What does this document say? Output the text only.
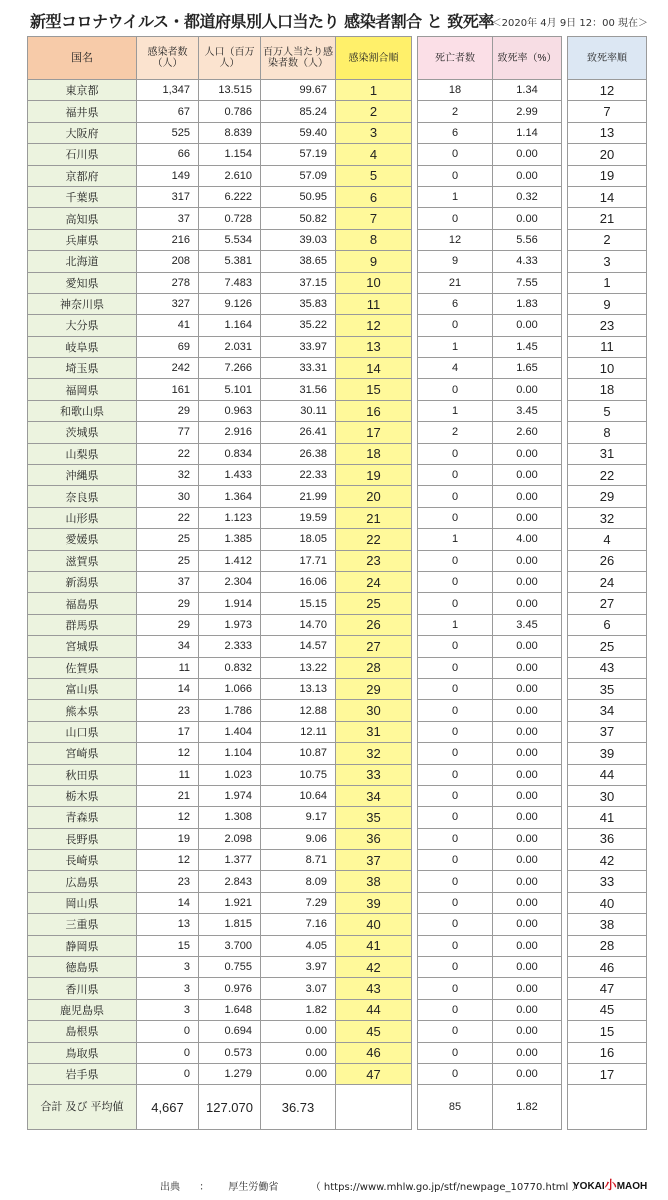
新型コロナウイルス・都道府県別人口当たり 感染者割合 と 致死率
＜2020年 4月 9日 12：00 現在＞
国名	感染者数（人）	人口（百万人）	百万人当たり感染者数（人）	感染割合順		死亡者数	致死率（%）		致死率順
東京都	1,347	13.515	99.67	1		18	1.34		12
福井県	67	0.786	85.24	2		2	2.99		7
大阪府	525	8.839	59.40	3		6	1.14		13
石川県	66	1.154	57.19	4		0	0.00		20
京都府	149	2.610	57.09	5		0	0.00		19
千葉県	317	6.222	50.95	6		1	0.32		14
高知県	37	0.728	50.82	7		0	0.00		21
兵庫県	216	5.534	39.03	8		12	5.56		2
北海道	208	5.381	38.65	9		9	4.33		3
愛知県	278	7.483	37.15	10		21	7.55		1
神奈川県	327	9.126	35.83	11		6	1.83		9
大分県	41	1.164	35.22	12		0	0.00		23
岐阜県	69	2.031	33.97	13		1	1.45		11
埼玉県	242	7.266	33.31	14		4	1.65		10
福岡県	161	5.101	31.56	15		0	0.00		18
和歌山県	29	0.963	30.11	16		1	3.45		5
茨城県	77	2.916	26.41	17		2	2.60		8
山梨県	22	0.834	26.38	18		0	0.00		31
沖縄県	32	1.433	22.33	19		0	0.00		22
奈良県	30	1.364	21.99	20		0	0.00		29
山形県	22	1.123	19.59	21		0	0.00		32
愛媛県	25	1.385	18.05	22		1	4.00		4
滋賀県	25	1.412	17.71	23		0	0.00		26
新潟県	37	2.304	16.06	24		0	0.00		24
福島県	29	1.914	15.15	25		0	0.00		27
群馬県	29	1.973	14.70	26		1	3.45		6
宮城県	34	2.333	14.57	27		0	0.00		25
佐賀県	11	0.832	13.22	28		0	0.00		43
富山県	14	1.066	13.13	29		0	0.00		35
熊本県	23	1.786	12.88	30		0	0.00		34
山口県	17	1.404	12.11	31		0	0.00		37
宮崎県	12	1.104	10.87	32		0	0.00		39
秋田県	11	1.023	10.75	33		0	0.00		44
栃木県	21	1.974	10.64	34		0	0.00		30
青森県	12	1.308	9.17	35		0	0.00		41
長野県	19	2.098	9.06	36		0	0.00		36
長崎県	12	1.377	8.71	37		0	0.00		42
広島県	23	2.843	8.09	38		0	0.00		33
岡山県	14	1.921	7.29	39		0	0.00		40
三重県	13	1.815	7.16	40		0	0.00		38
静岡県	15	3.700	4.05	41		0	0.00		28
徳島県	3	0.755	3.97	42		0	0.00		46
香川県	3	0.976	3.07	43		0	0.00		47
鹿児島県	3	1.648	1.82	44		0	0.00		45
島根県	0	0.694	0.00	45		0	0.00		15
鳥取県	0	0.573	0.00	46		0	0.00		16
岩手県	0	1.279	0.00	47		0	0.00		17
合計 及び 平均値	4,667	127.070	36.73			85	1.82		
出典 ： 厚生労働省	（ https://www.mhlw.go.jp/stf/newpage_10770.html ）
YOKAI小MAOH
